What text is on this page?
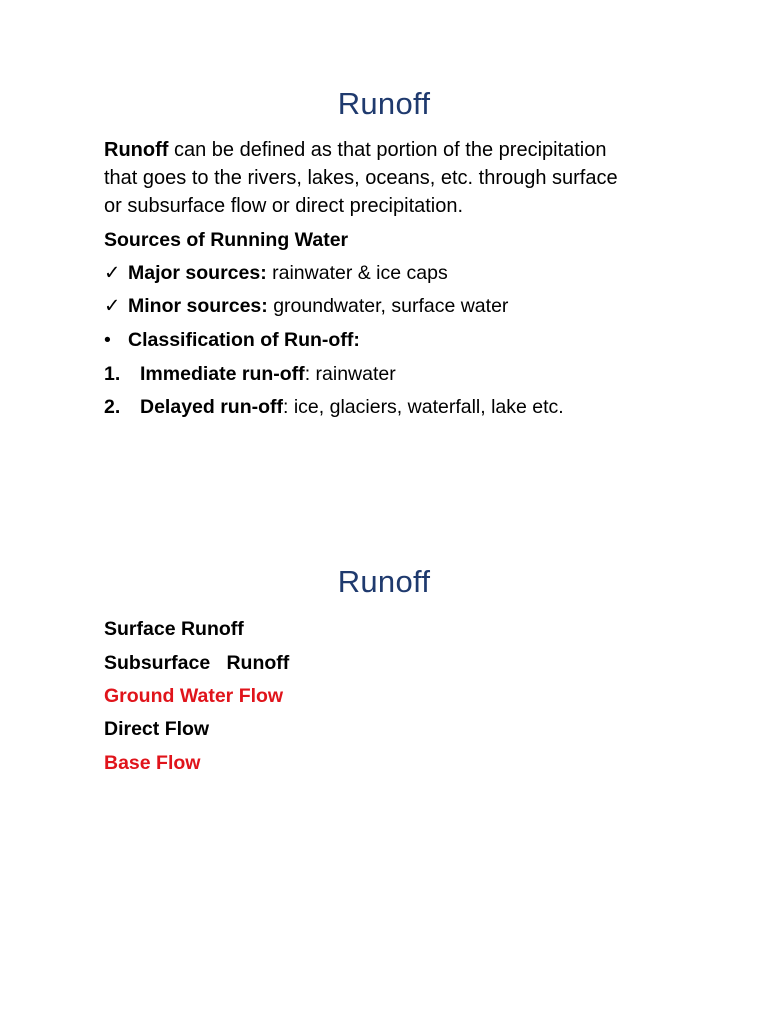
Runoff
Runoff can be defined as that portion of the precipitation
that goes to the rivers, lakes, oceans, etc. through surface
or subsurface flow or direct precipitation.
Sources of Running Water
✓ Major sources: rainwater & ice caps
✓ Minor sources: groundwater, surface water
• Classification of Run-off:
1. Immediate run-off: rainwater
2. Delayed run-off: ice, glaciers, waterfall, lake etc.
Runoff
Surface Runoff
Subsurface   Runoff
Ground Water Flow
Direct Flow
Base Flow
